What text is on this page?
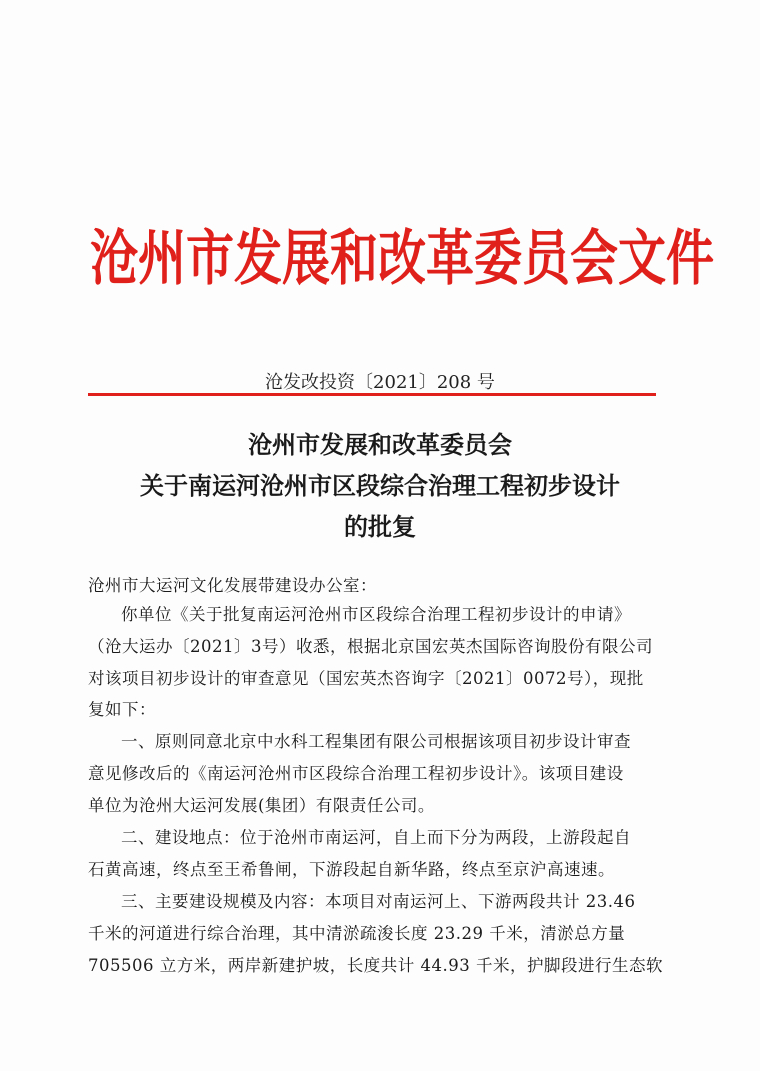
沧州市发展和改革委员会文件
沧发改投资〔2021〕208 号
沧州市发展和改革委员会
关于南运河沧州市区段综合治理工程初步设计
的批复
沧州市大运河文化发展带建设办公室：
你单位《关于批复南运河沧州市区段综合治理工程初步设计的申请》
（沧大运办〔2021〕3号）收悉，根据北京国宏英杰国际咨询股份有限公司
对该项目初步设计的审查意见（国宏英杰咨询字〔2021〕0072号），现批
复如下：
一、原则同意北京中水科工程集团有限公司根据该项目初步设计审查
意见修改后的《南运河沧州市区段综合治理工程初步设计》。该项目建设
单位为沧州大运河发展(集团）有限责任公司。
二、建设地点：位于沧州市南运河，自上而下分为两段，上游段起自
石黄高速，终点至王希鲁闸，下游段起自新华路，终点至京沪高速速。
三、主要建设规模及内容：本项目对南运河上、下游两段共计 23.46
千米的河道进行综合治理，其中清淤疏浚长度 23.29 千米，清淤总方量
705506 立方米，两岸新建护坡，长度共计 44.93 千米，护脚段进行生态软
